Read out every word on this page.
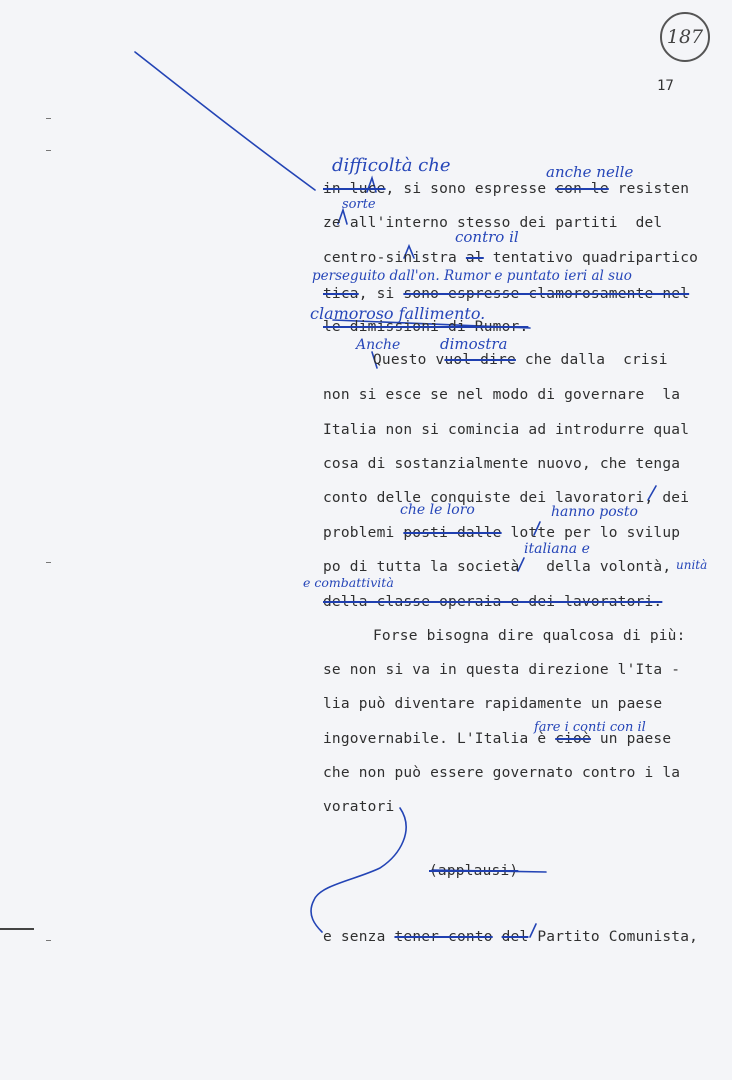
187
17
difficoltà che	anche nelle
sorte
contro il
perseguito dall'on. Rumor e puntato ieri al suo
clamoroso fallimento.
Anche	dimostra
che le loro	hanno posto
italiana e
unità
e combattività
fare i conti con il
in luce, si sono espresse con le resisten
ze all'interno stesso dei partiti  del
centro-sinistra al tentativo quadripartico
tica, si sono espresse clamorosamente nel
le dimissioni di Rumor.
Questo vuol dire che dalla  crisi
non si esce se nel modo di governare  la
Italia non si comincia ad introdurre qual
cosa di sostanzialmente nuovo, che tenga
conto delle conquiste dei lavoratori, dei
problemi posti dalle lotte per lo svilup
po di tutta la società   della volontà,
della classe operaia e dei lavoratori.
Forse bisogna dire qualcosa di più:
se non si va in questa direzione l'Ita -
lia può diventare rapidamente un paese
ingovernabile. L'Italia è cioè un paese
che non può essere governato contro i la
voratori
(applausi)
e senza tener conto del Partito Comunista,
